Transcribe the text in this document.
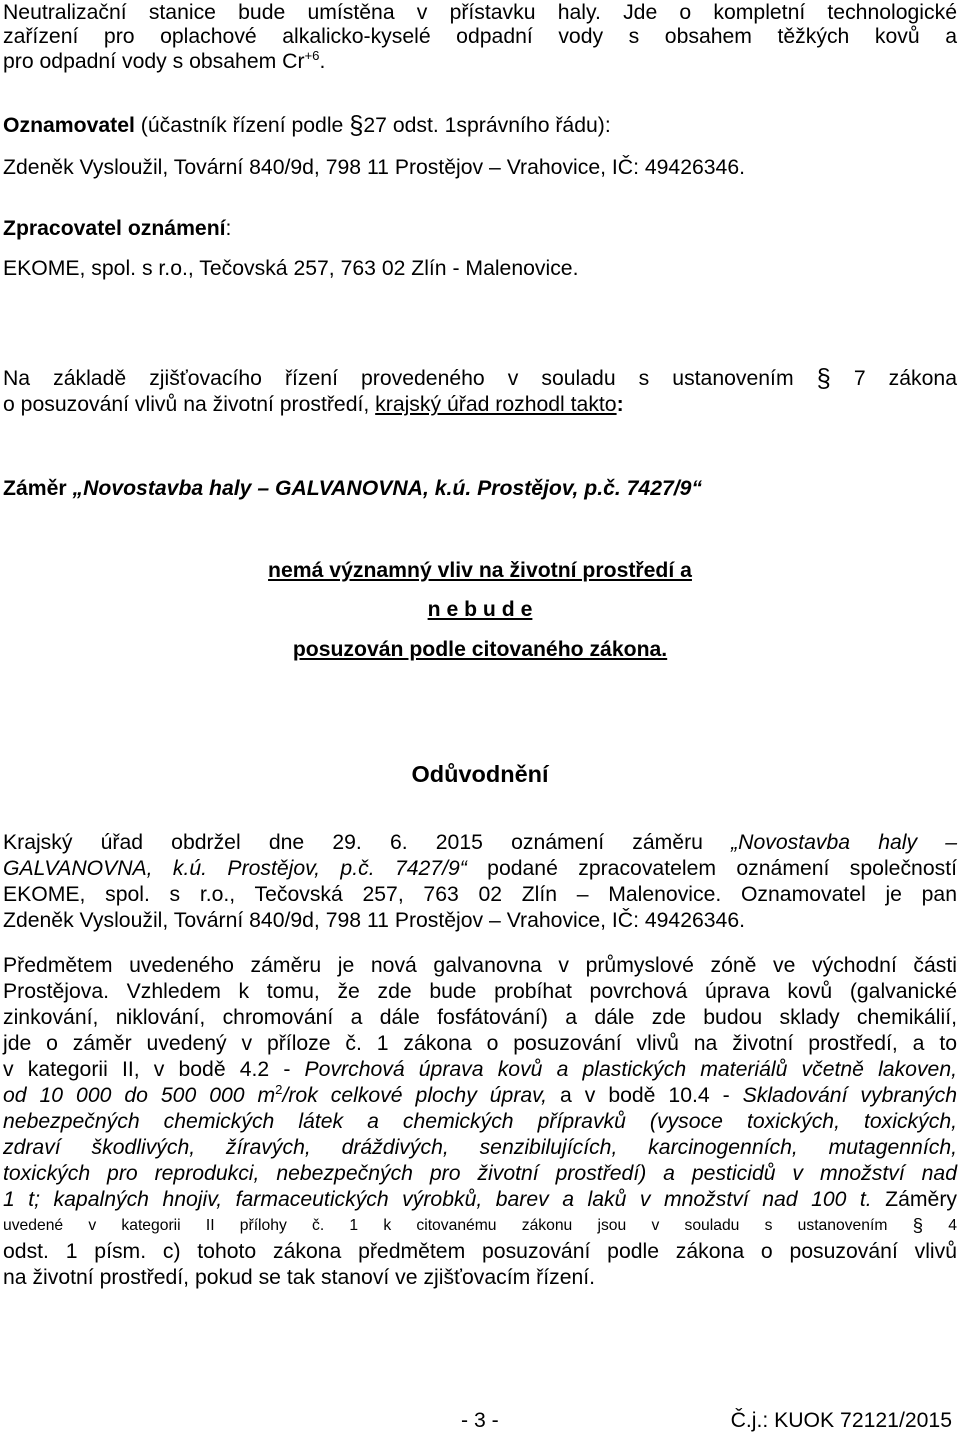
Neutralizační stanice bude umístěna v přístavku haly. Jde o kompletní technologické
zařízení pro oplachové alkalicko-kyselé odpadní vody s obsahem těžkých kovů a
pro odpadní vody s obsahem $Cr^{+6}$.
Oznamovatel (účastník řízení podle §27 odst. 1správního řádu):
Zdeněk Vysloužil, Tovární 840/9d, 798 11 Prostějov – Vrahovice, IČ: 49426346.
Zpracovatel oznámení:
EKOME, spol. s r.o., Tečovská 257, 763 02 Zlín - Malenovice.
Na základě zjišťovacího řízení provedeného v souladu s ustanovením § 7 zákona
o posuzování vlivů na životní prostředí, krajský úřad rozhodl takto:
Záměr „Novostavba haly – GALVANOVNA, k.ú. Prostějov, p.č. 7427/9“
nemá významný vliv na životní prostředí a
n e b u d e
posuzován podle citovaného zákona.
Odůvodnění
Krajský úřad obdržel dne 29. 6. 2015 oznámení záměru „Novostavba haly –
GALVANOVNA, k.ú. Prostějov, p.č. 7427/9“ podané zpracovatelem oznámení společností
EKOME, spol. s r.o., Tečovská 257, 763 02 Zlín – Malenovice. Oznamovatel je pan
Zdeněk Vysloužil, Tovární 840/9d, 798 11 Prostějov – Vrahovice, IČ: 49426346.
Předmětem uvedeného záměru je nová galvanovna v průmyslové zóně ve východní části
Prostějova. Vzhledem k tomu, že zde bude probíhat povrchová úprava kovů (galvanické
zinkování, niklování, chromování a dále fosfátování) a dále zde budou sklady chemikálií,
jde o záměr uvedený v příloze č. 1 zákona o posuzování vlivů na životní prostředí, a to
v kategorii II, v bodě 4.2 - Povrchová úprava kovů a plastických materiálů včetně lakoven,
od 10 000 do 500 000 $m^2$/rok celkové plochy úprav, a v bodě 10.4 - Skladování vybraných
nebezpečných chemických látek a chemických přípravků (vysoce toxických, toxických,
zdraví škodlivých, žíravých, dráždivých, senzibilujících, karcinogenních, mutagenních,
toxických pro reprodukci, nebezpečných pro životní prostředí) a pesticidů v množství nad
1 t; kapalných hnojiv, farmaceutických výrobků, barev a laků v množství nad 100 t. Záměry
uvedené v kategorii II přílohy č. 1 k citovanému zákonu jsou v souladu s ustanovením § 4
odst. 1 písm. c) tohoto zákona předmětem posuzování podle zákona o posuzování vlivů
na životní prostředí, pokud se tak stanoví ve zjišťovacím řízení.
- 3 -	Č.j.: KUOK 72121/2015
